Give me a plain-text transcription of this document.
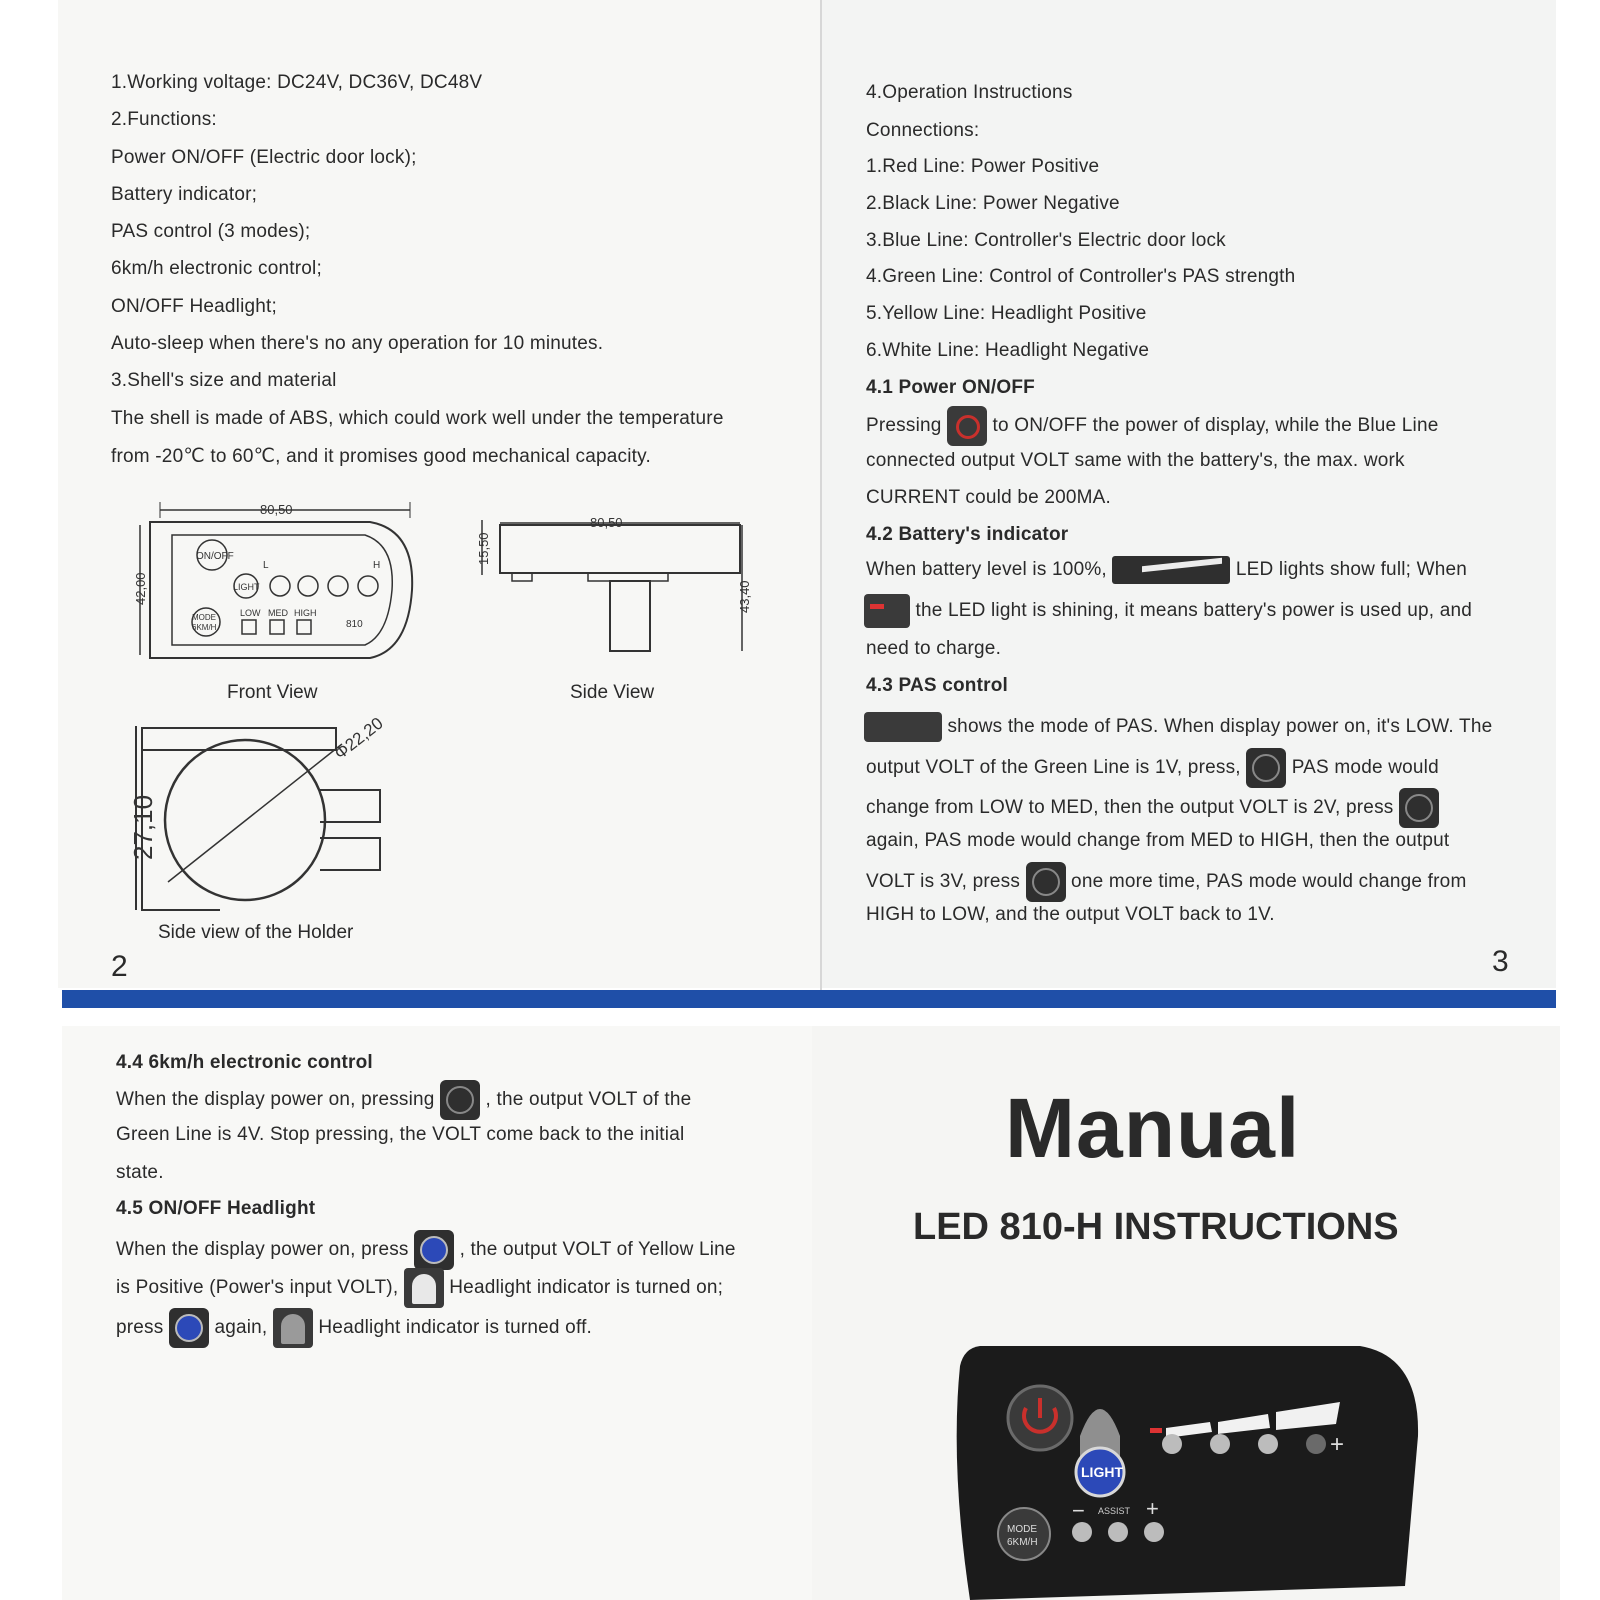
1.Working voltage: DC24V, DC36V, DC48V
2.Functions:
Power ON/OFF (Electric door lock);
Battery indicator;
PAS control (3 modes);
6km/h electronic control;
ON/OFF Headlight;
Auto-sleep when there's no any operation for 10 minutes.
3.Shell's size and material
The shell is made of ABS, which could work well under the temperature
from -20℃ to 60℃, and it promises good mechanical capacity.
80,50
42,00
ON/OFF
LIGHT
L	H
MODE
6KM/H
LOW MED HIGH
810
Front View
80,50
15,50
43,40
Side View
27,10
Φ22,20
Side view of the Holder
2
4.Operation Instructions
Connections:
1.Red Line: Power Positive
2.Black Line: Power Negative
3.Blue Line: Controller's Electric door lock
4.Green Line: Control of Controller's PAS strength
5.Yellow Line: Headlight Positive
6.White Line: Headlight Negative
4.1 Power ON/OFF
Pressing	to ON/OFF the power of display, while the Blue Line
connected output VOLT same with the battery's, the max. work
CURRENT could be 200MA.
4.2 Battery's indicator
When battery level is 100%,	LED lights show full; When
the LED light is shining, it means battery's power is used up, and
need to charge.
4.3 PAS control
shows the mode of PAS. When display power on, it's LOW. The
output VOLT of the Green Line is 1V, press,	PAS mode would
change from LOW to MED, then the output VOLT is 2V, press
again, PAS mode would change from MED to HIGH, then the output
VOLT is 3V, press	one more time, PAS mode would change from
HIGH to LOW, and the output VOLT back to 1V.
3
4.4 6km/h electronic control
When the display power on, pressing	, the output VOLT of the
Green Line is 4V. Stop pressing, the VOLT come back to the initial
state.
4.5 ON/OFF Headlight
When the display power on, press	, the output VOLT of Yellow Line
is Positive (Power's input VOLT),	Headlight indicator is turned on;
press	again,	Headlight indicator is turned off.
Manual
LED 810-H INSTRUCTIONS
LIGHT
+
MODE
6KM/H
− ASSIST +
